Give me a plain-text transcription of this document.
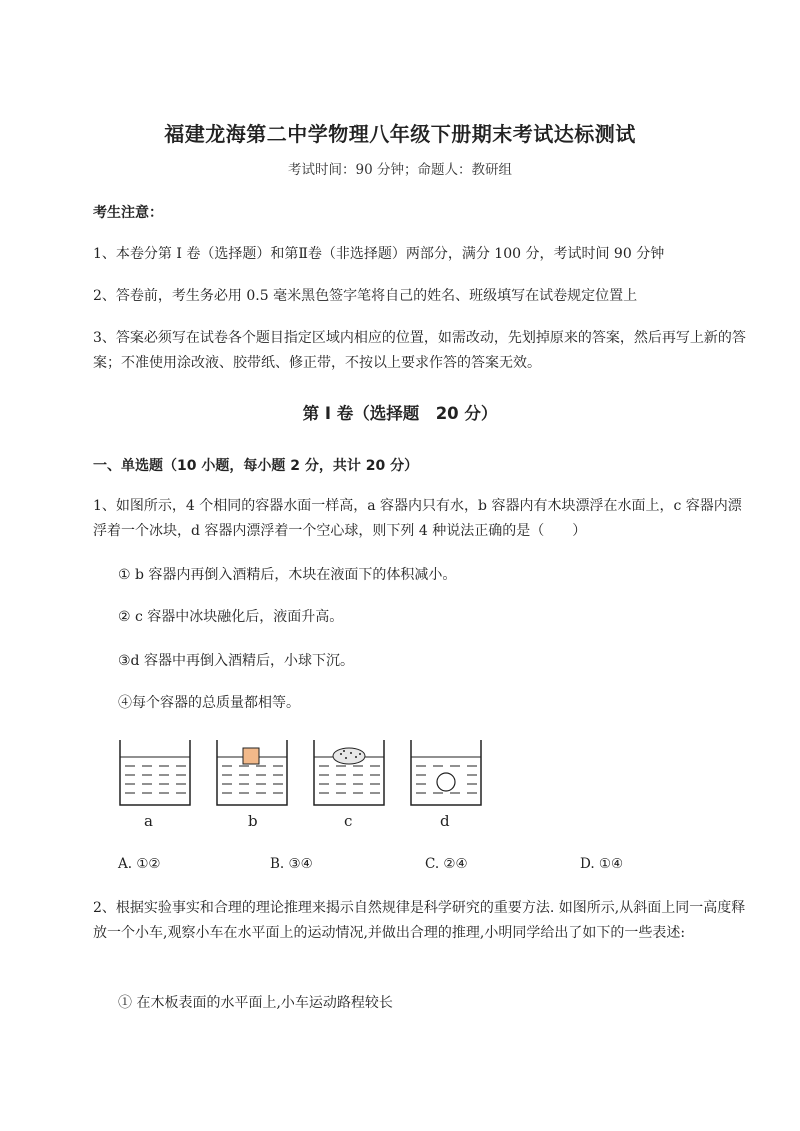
福建龙海第二中学物理八年级下册期末考试达标测试
考试时间：90 分钟；命题人：教研组
考生注意：
1、本卷分第 I 卷（选择题）和第Ⅱ卷（非选择题）两部分，满分 100 分，考试时间 90 分钟
2、答卷前，考生务必用 0.5 毫米黑色签字笔将自己的姓名、班级填写在试卷规定位置上
3、答案必须写在试卷各个题目指定区域内相应的位置，如需改动，先划掉原来的答案，然后再写上新的答案；不准使用涂改液、胶带纸、修正带，不按以上要求作答的答案无效。
第 I 卷（选择题　20 分）
一、单选题（10 小题，每小题 2 分，共计 20 分）
1、如图所示，4 个相同的容器水面一样高，a 容器内只有水，b 容器内有木块漂浮在水面上，c 容器内漂浮着一个冰块，d 容器内漂浮着一个空心球，则下列 4 种说法正确的是（　　）
① b 容器内再倒入酒精后，木块在液面下的体积减小。
② c 容器中冰块融化后，液面升高。
③d 容器中再倒入酒精后，小球下沉。
④每个容器的总质量都相等。
a	b	c	d
A. ①②	B. ③④	C. ②④	D. ①④
2、根据实验事实和合理的理论推理来揭示自然规律是科学研究的重要方法. 如图所示,从斜面上同一高度释放一个小车,观察小车在水平面上的运动情况,并做出合理的推理,小明同学给出了如下的一些表述:
① 在木板表面的水平面上,小车运动路程较长
